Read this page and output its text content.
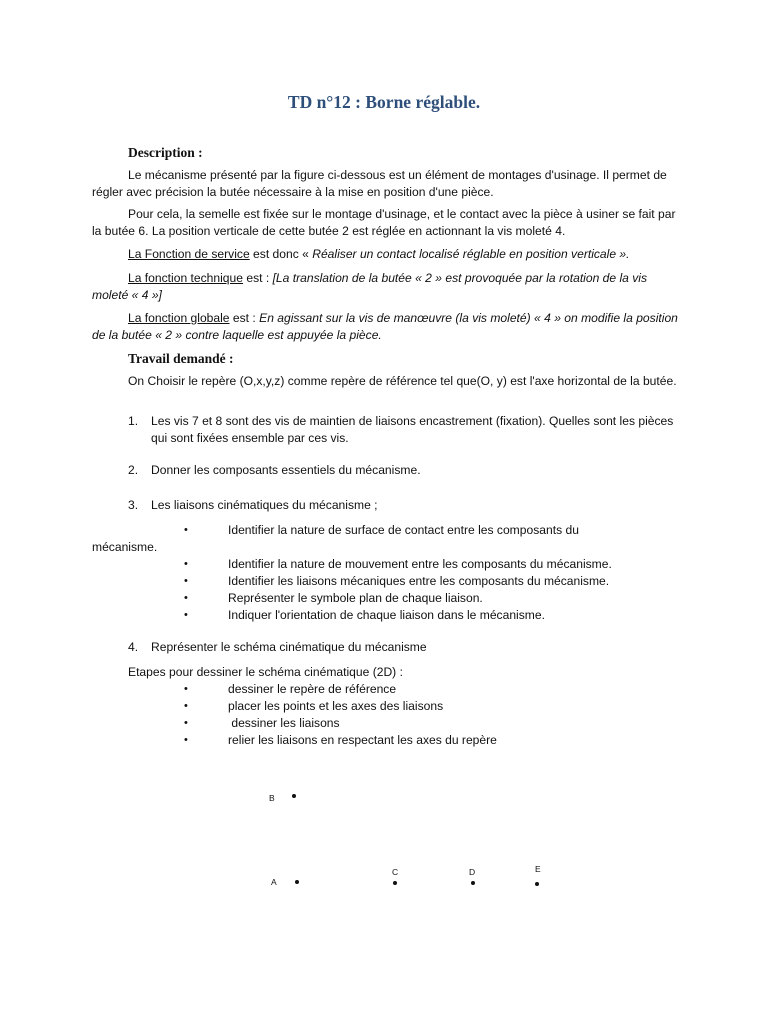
TD n°12 : Borne réglable.
Description :
Le mécanisme présenté par la figure ci-dessous est un élément de montages d'usinage. Il permet de régler avec précision la butée nécessaire à la mise en position d'une pièce.
Pour cela, la semelle est fixée sur le montage d'usinage, et le contact avec la pièce à usiner se fait par la butée 6. La position verticale de cette butée 2 est réglée en actionnant la vis moleté 4.
La Fonction de service est donc « Réaliser un contact localisé réglable en position verticale ».
La fonction technique est : [La translation de la butée « 2 » est provoquée par la rotation de la vis moleté « 4 »]
La fonction globale est : En agissant sur la vis de manœuvre (la vis moleté) « 4 » on modifie la position de la butée « 2 » contre laquelle est appuyée la pièce.
Travail demandé :
On Choisir le repère (O,x,y,z) comme repère de référence tel que(O, y) est l'axe horizontal de la butée.
1. Les vis 7 et 8 sont des vis de maintien de liaisons encastrement (fixation). Quelles sont les pièces qui sont fixées ensemble par ces vis.
2. Donner les composants essentiels du mécanisme.
3. Les liaisons cinématiques du mécanisme ;
•	Identifier la nature de surface de contact entre les composants du
mécanisme.
•	Identifier la nature de mouvement entre les composants du mécanisme.
•	Identifier les liaisons mécaniques entre les composants du mécanisme.
•	Représenter le symbole plan de chaque liaison.
•	Indiquer l'orientation de chaque liaison dans le mécanisme.
4. Représenter le schéma cinématique du mécanisme
Etapes pour dessiner le schéma cinématique (2D) :
•	dessiner le repère de référence
•	placer les points et les axes des liaisons
•	dessiner les liaisons
•	relier les liaisons en respectant les axes du repère
B
A
C	D	E
